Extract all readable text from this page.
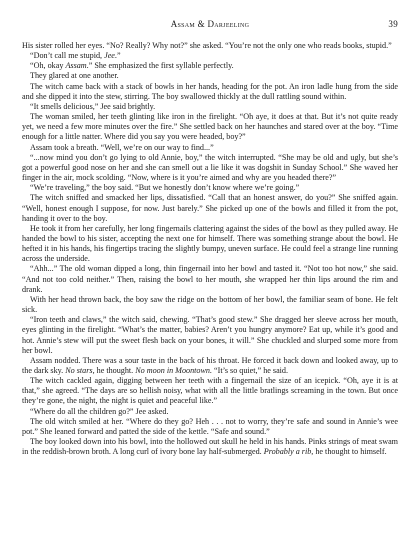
Assam & Darjeeling	39

His sister rolled her eyes. “No? Really? Why not?” she asked. “You’re not the only one who reads books, stupid.”

“Don’t call me stupid, Jee.”

“Oh, okay Assam.” She emphasized the first syllable perfectly.

They glared at one another.

The witch came back with a stack of bowls in her hands, heading for the pot. An iron ladle hung from the side and she dipped it into the stew, stirring. The boy swallowed thickly at the dull rattling sound within.

“It smells delicious,” Jee said brightly.

The woman smiled, her teeth glinting like iron in the firelight. “Oh aye, it does at that. But it’s not quite ready yet, we need a few more minutes over the fire.” She settled back on her haunches and stared over at the boy. “Time enough for a little natter. Where did you say you were headed, boy?”

Assam took a breath. “Well, we’re on our way to find...”

“...now mind you don’t go lying to old Annie, boy,” the witch interrupted. “She may be old and ugly, but she’s got a powerful good nose on her and she can smell out a lie like it was dogshit in Sunday School.” She waved her finger in the air, mock scolding. “Now, where is it you’re aimed and why are you headed there?”

“We’re traveling,” the boy said. “But we honestly don’t know where we’re going.”

The witch sniffed and smacked her lips, dissatisfied. “Call that an honest answer, do you?” She sniffed again. “Well, honest enough I suppose, for now. Just barely.” She picked up one of the bowls and filled it from the pot, handing it over to the boy.

He took it from her carefully, her long fingernails clattering against the sides of the bowl as they pulled away. He handed the bowl to his sister, accepting the next one for himself. There was something strange about the bowl. He hefted it in his hands, his fingertips tracing the slightly bumpy, uneven surface. He could feel a strange line running across the underside.

“Ahh...” The old woman dipped a long, thin fingernail into her bowl and tasted it. “Not too hot now,” she said. “And not too cold neither.” Then, raising the bowl to her mouth, she wrapped her thin lips around the rim and drank.

With her head thrown back, the boy saw the ridge on the bottom of her bowl, the familiar seam of bone. He felt sick.

“Iron teeth and claws,” the witch said, chewing. “That’s good stew.” She dragged her sleeve across her mouth, eyes glinting in the firelight. “What’s the matter, babies? Aren’t you hungry anymore? Eat up, while it’s good and hot. Annie’s stew will put the sweet flesh back on your bones, it will.” She chuckled and slurped some more from her bowl.

Assam nodded. There was a sour taste in the back of his throat. He forced it back down and looked away, up to the dark sky. No stars, he thought. No moon in Moontown. “It’s so quiet,” he said.

The witch cackled again, digging between her teeth with a fingernail the size of an icepick. “Oh, aye it is at that,” she agreed. “The days are so hellish noisy, what with all the little bratlings screaming in the town. But once they’re gone, the night, the night is quiet and peaceful like.”

“Where do all the children go?” Jee asked.

The old witch smiled at her. “Where do they go? Heh . . . not to worry, they’re safe and sound in Annie’s wee pot.” She leaned forward and patted the side of the kettle. “Safe and sound.”

The boy looked down into his bowl, into the hollowed out skull he held in his hands. Pinks strings of meat swam in the reddish-brown broth. A long curl of ivory bone lay half-submerged. Probably a rib, he thought to himself.
